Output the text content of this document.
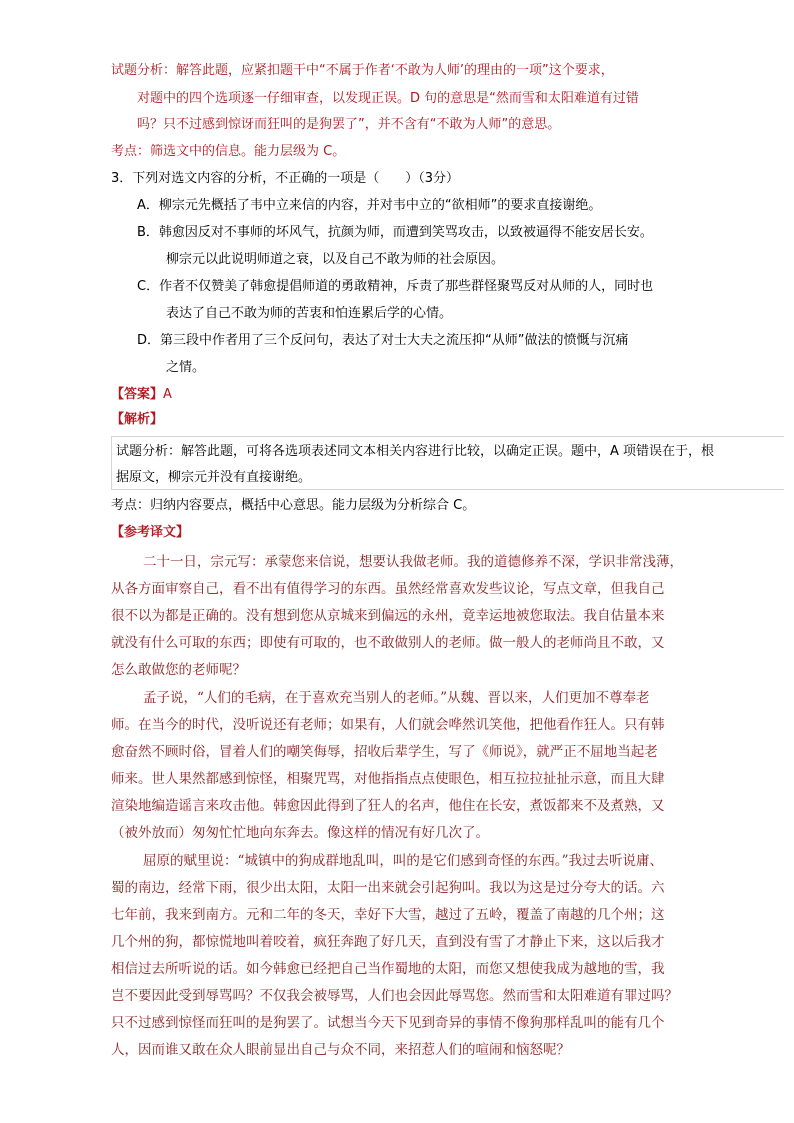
试题分析：解答此题，应紧扣题干中“不属于作者‘不敢为人师’的理由的一项”这个要求，
对题中的四个选项逐一仔细审查，以发现正误。D 句的意思是“然而雪和太阳难道有过错
吗？只不过感到惊讶而狂叫的是狗罢了”，并不含有“不敢为人师”的意思。
考点：筛选文中的信息。能力层级为 C。
3．下列对选文内容的分析，不正确的一项是（　　）（3分）
A．柳宗元先概括了韦中立来信的内容，并对韦中立的“欲相师”的要求直接谢绝。
B．韩愈因反对不事师的坏风气，抗颜为师，而遭到笑骂攻击，以致被逼得不能安居长安。
柳宗元以此说明师道之衰，以及自己不敢为师的社会原因。
C．作者不仅赞美了韩愈提倡师道的勇敢精神，斥责了那些群怪聚骂反对从师的人，同时也
表达了自己不敢为师的苦衷和怕连累后学的心情。
D．第三段中作者用了三个反问句，表达了对士大夫之流压抑“从师”做法的愤慨与沉痛
之情。
【答案】A
【解析】
试题分析：解答此题，可将各选项表述同文本相关内容进行比较，以确定正误。题中，A 项错误在于，根
据原文，柳宗元并没有直接谢绝。
考点：归纳内容要点，概括中心意思。能力层级为分析综合 C。
【参考译文】
二十一日，宗元写：承蒙您来信说，想要认我做老师。我的道德修养不深，学识非常浅薄，
从各方面审察自己，看不出有值得学习的东西。虽然经常喜欢发些议论，写点文章，但我自己
很不以为都是正确的。没有想到您从京城来到偏远的永州，竟幸运地被您取法。我自估量本来
就没有什么可取的东西；即使有可取的，也不敢做别人的老师。做一般人的老师尚且不敢，又
怎么敢做您的老师呢？
孟子说，“人们的毛病，在于喜欢充当别人的老师。”从魏、晋以来，人们更加不尊奉老
师。在当今的时代，没听说还有老师；如果有，人们就会哗然讥笑他，把他看作狂人。只有韩
愈奋然不顾时俗，冒着人们的嘲笑侮辱，招收后辈学生，写了《师说》，就严正不屈地当起老
师来。世人果然都感到惊怪，相聚咒骂，对他指指点点使眼色，相互拉拉扯扯示意，而且大肆
渲染地编造谣言来攻击他。韩愈因此得到了狂人的名声，他住在长安，煮饭都来不及煮熟，又
（被外放而）匆匆忙忙地向东奔去。像这样的情况有好几次了。
屈原的赋里说：“城镇中的狗成群地乱叫，叫的是它们感到奇怪的东西。”我过去听说庸、
蜀的南边，经常下雨，很少出太阳，太阳一出来就会引起狗叫。我以为这是过分夸大的话。六
七年前，我来到南方。元和二年的冬天，幸好下大雪，越过了五岭，覆盖了南越的几个州；这
几个州的狗，都惊慌地叫着咬着，疯狂奔跑了好几天，直到没有雪了才静止下来，这以后我才
相信过去所听说的话。如今韩愈已经把自己当作蜀地的太阳，而您又想使我成为越地的雪，我
岂不要因此受到辱骂吗？不仅我会被辱骂，人们也会因此辱骂您。然而雪和太阳难道有罪过吗？
只不过感到惊怪而狂叫的是狗罢了。试想当今天下见到奇异的事情不像狗那样乱叫的能有几个
人，因而谁又敢在众人眼前显出自己与众不同，来招惹人们的喧闹和恼怒呢？
